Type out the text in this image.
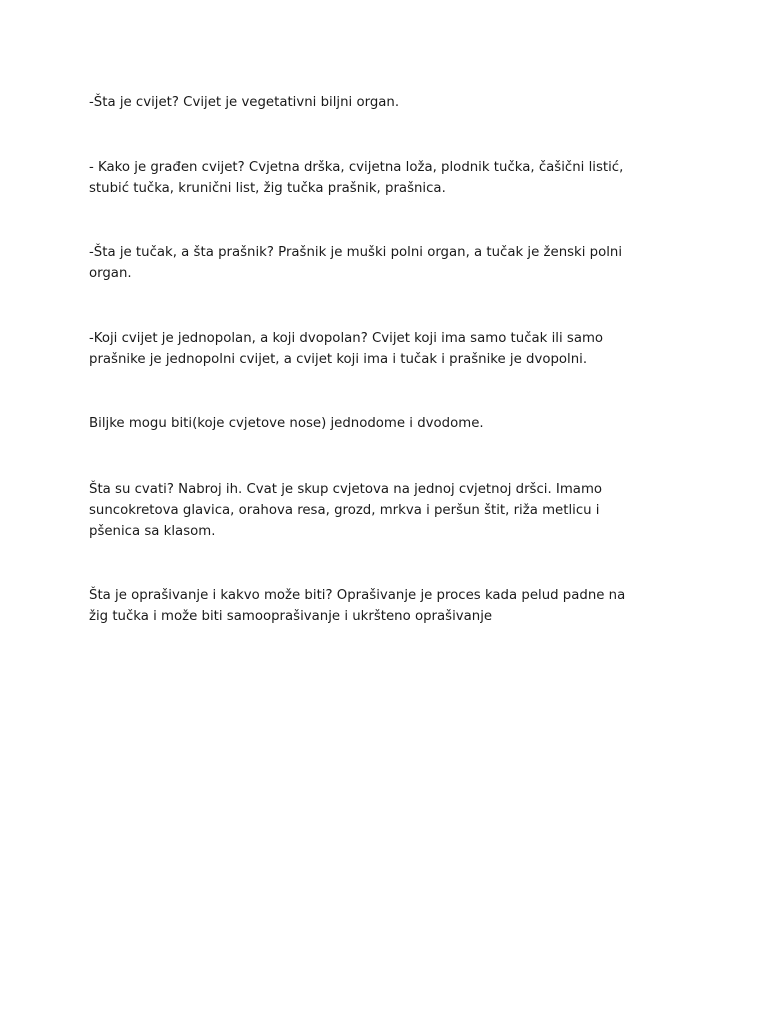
-Šta je cvijet? Cvijet je vegetativni biljni organ.

- Kako je građen cvijet? Cvjetna drška, cvijetna loža, plodnik tučka, čašični listić,
stubić tučka, krunični list, žig tučka prašnik, prašnica.

-Šta je tučak, a šta prašnik? Prašnik je muški polni organ, a tučak je ženski polni
organ.

-Koji cvijet je jednopolan, a koji dvopolan? Cvijet koji ima samo tučak ili samo
prašnike je jednopolni cvijet, a cvijet koji ima i tučak i prašnike je dvopolni.

Biljke mogu biti(koje cvjetove nose) jednodome i dvodome.

Šta su cvati? Nabroj ih. Cvat je skup cvjetova na jednoj cvjetnoj dršci. Imamo
suncokretova glavica, orahova resa, grozd, mrkva i peršun štit, riža metlicu i
pšenica sa klasom.

Šta je oprašivanje i kakvo može biti? Oprašivanje je proces kada pelud padne na
žig tučka i može biti samooprašivanje i ukršteno oprašivanje
